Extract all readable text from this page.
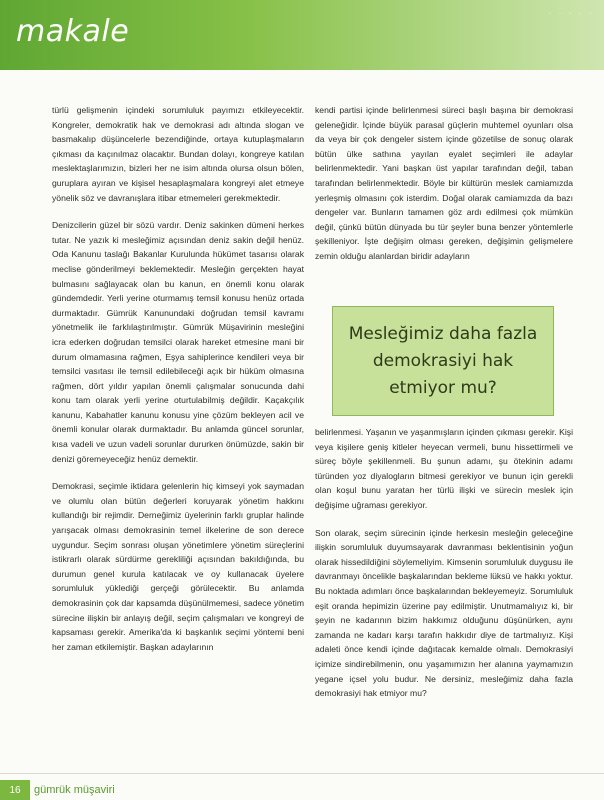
makale
· · · · ·

türlü gelişmenin içindeki sorumluluk payımızı etkileyecektir. Kongreler, demokratik hak ve demokrasi adı altında slogan ve basmakalıp düşüncelerle bezendiğinde, ortaya kutuplaşmaların çıkması da kaçınılmaz olacaktır. Bundan dolayı, kongreye katılan meslektaşlarımızın, bizleri her ne isim altında olursa olsun bölen, guruplara ayıran ve kişisel hesaplaşmalara kongreyi alet etmeye yönelik söz ve davranışlara itibar etmemeleri gerekmektedir.

Denizcilerin güzel bir sözü vardır. Deniz sakinken dümeni herkes tutar. Ne yazık ki mesleğimiz açısından deniz sakin değil henüz. Oda Kanunu taslağı Bakanlar Kurulunda hükümet tasarısı olarak meclise gönderilmeyi beklemektedir. Mesleğin gerçekten hayat bulmasını sağlayacak olan bu kanun, en önemli konu olarak gündemdedir. Yerli yerine oturmamış temsil konusu henüz ortada durmaktadır. Gümrük Kanunundaki doğrudan temsil kavramı yönetmelik ile farklılaştırılmıştır. Gümrük Müşavirinin mesleğini icra ederken doğrudan temsilci olarak hareket etmesine mani bir durum olmamasına rağmen, Eşya sahiplerince kendileri veya bir temsilci vasıtası ile temsil edilebileceği açık bir hüküm olmasına rağmen, dört yıldır yapılan önemli çalışmalar sonucunda dahi konu tam olarak yerli yerine oturtulabilmiş değildir. Kaçakçılık kanunu, Kabahatler kanunu konusu yine çözüm bekleyen acil ve önemli konular olarak durmaktadır. Bu anlamda güncel sorunlar, kısa vadeli ve uzun vadeli sorunlar dururken önümüzde, sakin bir denizi göremeyeceğiz henüz demektir.

Demokrasi, seçimle iktidara gelenlerin hiç kimseyi yok saymadan ve olumlu olan bütün değerleri koruyarak yönetim hakkını kullandığı bir rejimdir. Derneğimiz üyelerinin farklı gruplar halinde yarışacak olması demokrasinin temel ilkelerine de son derece uygundur. Seçim sonrası oluşan yönetimlere yönetim süreçlerini istikrarlı olarak sürdürme gerekliliği açısından bakıldığında, bu durumun genel kurula katılacak ve oy kullanacak üyelere sorumluluk yüklediği gerçeği görülecektir. Bu anlamda demokrasinin çok dar kapsamda düşünülmemesi, sadece yönetim sürecine ilişkin bir anlayış değil, seçim çalışmaları ve kongreyi de kapsaması gerekir. Amerika'da ki başkanlık seçimi yöntemi beni her zaman etkilemiştir. Başkan adaylarının

kendi partisi içinde belirlenmesi süreci başlı başına bir demokrasi geleneğidir. İçinde büyük parasal güçlerin muhtemel oyunları olsa da veya bir çok dengeler sistem içinde gözetilse de sonuç olarak bütün ülke sathına yayılan eyalet seçimleri ile adaylar belirlenmektedir. Yani başkan üst yapılar tarafından değil, taban tarafından belirlenmektedir. Böyle bir kültürün meslek camiamızda yerleşmiş olmasını çok isterdim. Doğal olarak camiamızda da bazı dengeler var. Bunların tamamen göz ardı edilmesi çok mümkün değil, çünkü bütün dünyada bu tür şeyler buna benzer yöntemlerle şekilleniyor. İşte değişim olması gereken, değişimin gelişmelere zemin olduğu alanlardan biridir adayların

belirlenmesi. Yaşanın ve yaşanmışların içinden çıkması gerekir. Kişi veya kişilere geniş kitleler heyecan vermeli, bunu hissettirmeli ve süreç böyle şekillenmeli. Bu şunun adamı, şu ötekinin adamı türünden yoz diyalogların bitmesi gerekiyor ve bunun için gerekli olan koşul bunu yaratan her türlü ilişki ve sürecin meslek için değişime uğraması gerekiyor.

Son olarak, seçim sürecinin içinde herkesin mesleğin geleceğine ilişkin sorumluluk duyumsayarak davranması beklentisinin yoğun olarak hissedildiğini söylemeliyim. Kimsenin sorumluluk duygusu ile davranmayı öncelikle başkalarından bekleme lüksü ve hakkı yoktur. Bu noktada adımları önce başkalarından bekleyemeyiz. Sorumluluk eşit oranda hepimizin üzerine pay edilmiştir. Unutmamalıyız ki, bir şeyin ne kadarının bizim hakkımız olduğunu düşünürken, aynı zamanda ne kadarı karşı tarafın hakkıdır diye de tartmalıyız. Kişi adaleti önce kendi içinde dağıtacak kemalde olmalı. Demokrasiyi içimize sindirebilmenin, onu yaşamımızın her alanına yaymamızın yegane içsel yolu budur. Ne dersiniz, mesleğimiz daha fazla demokrasiyi hak etmiyor mu?

Mesleğimiz daha fazla demokrasiyi hak etmiyor mu?
16	gümrük müşaviri
